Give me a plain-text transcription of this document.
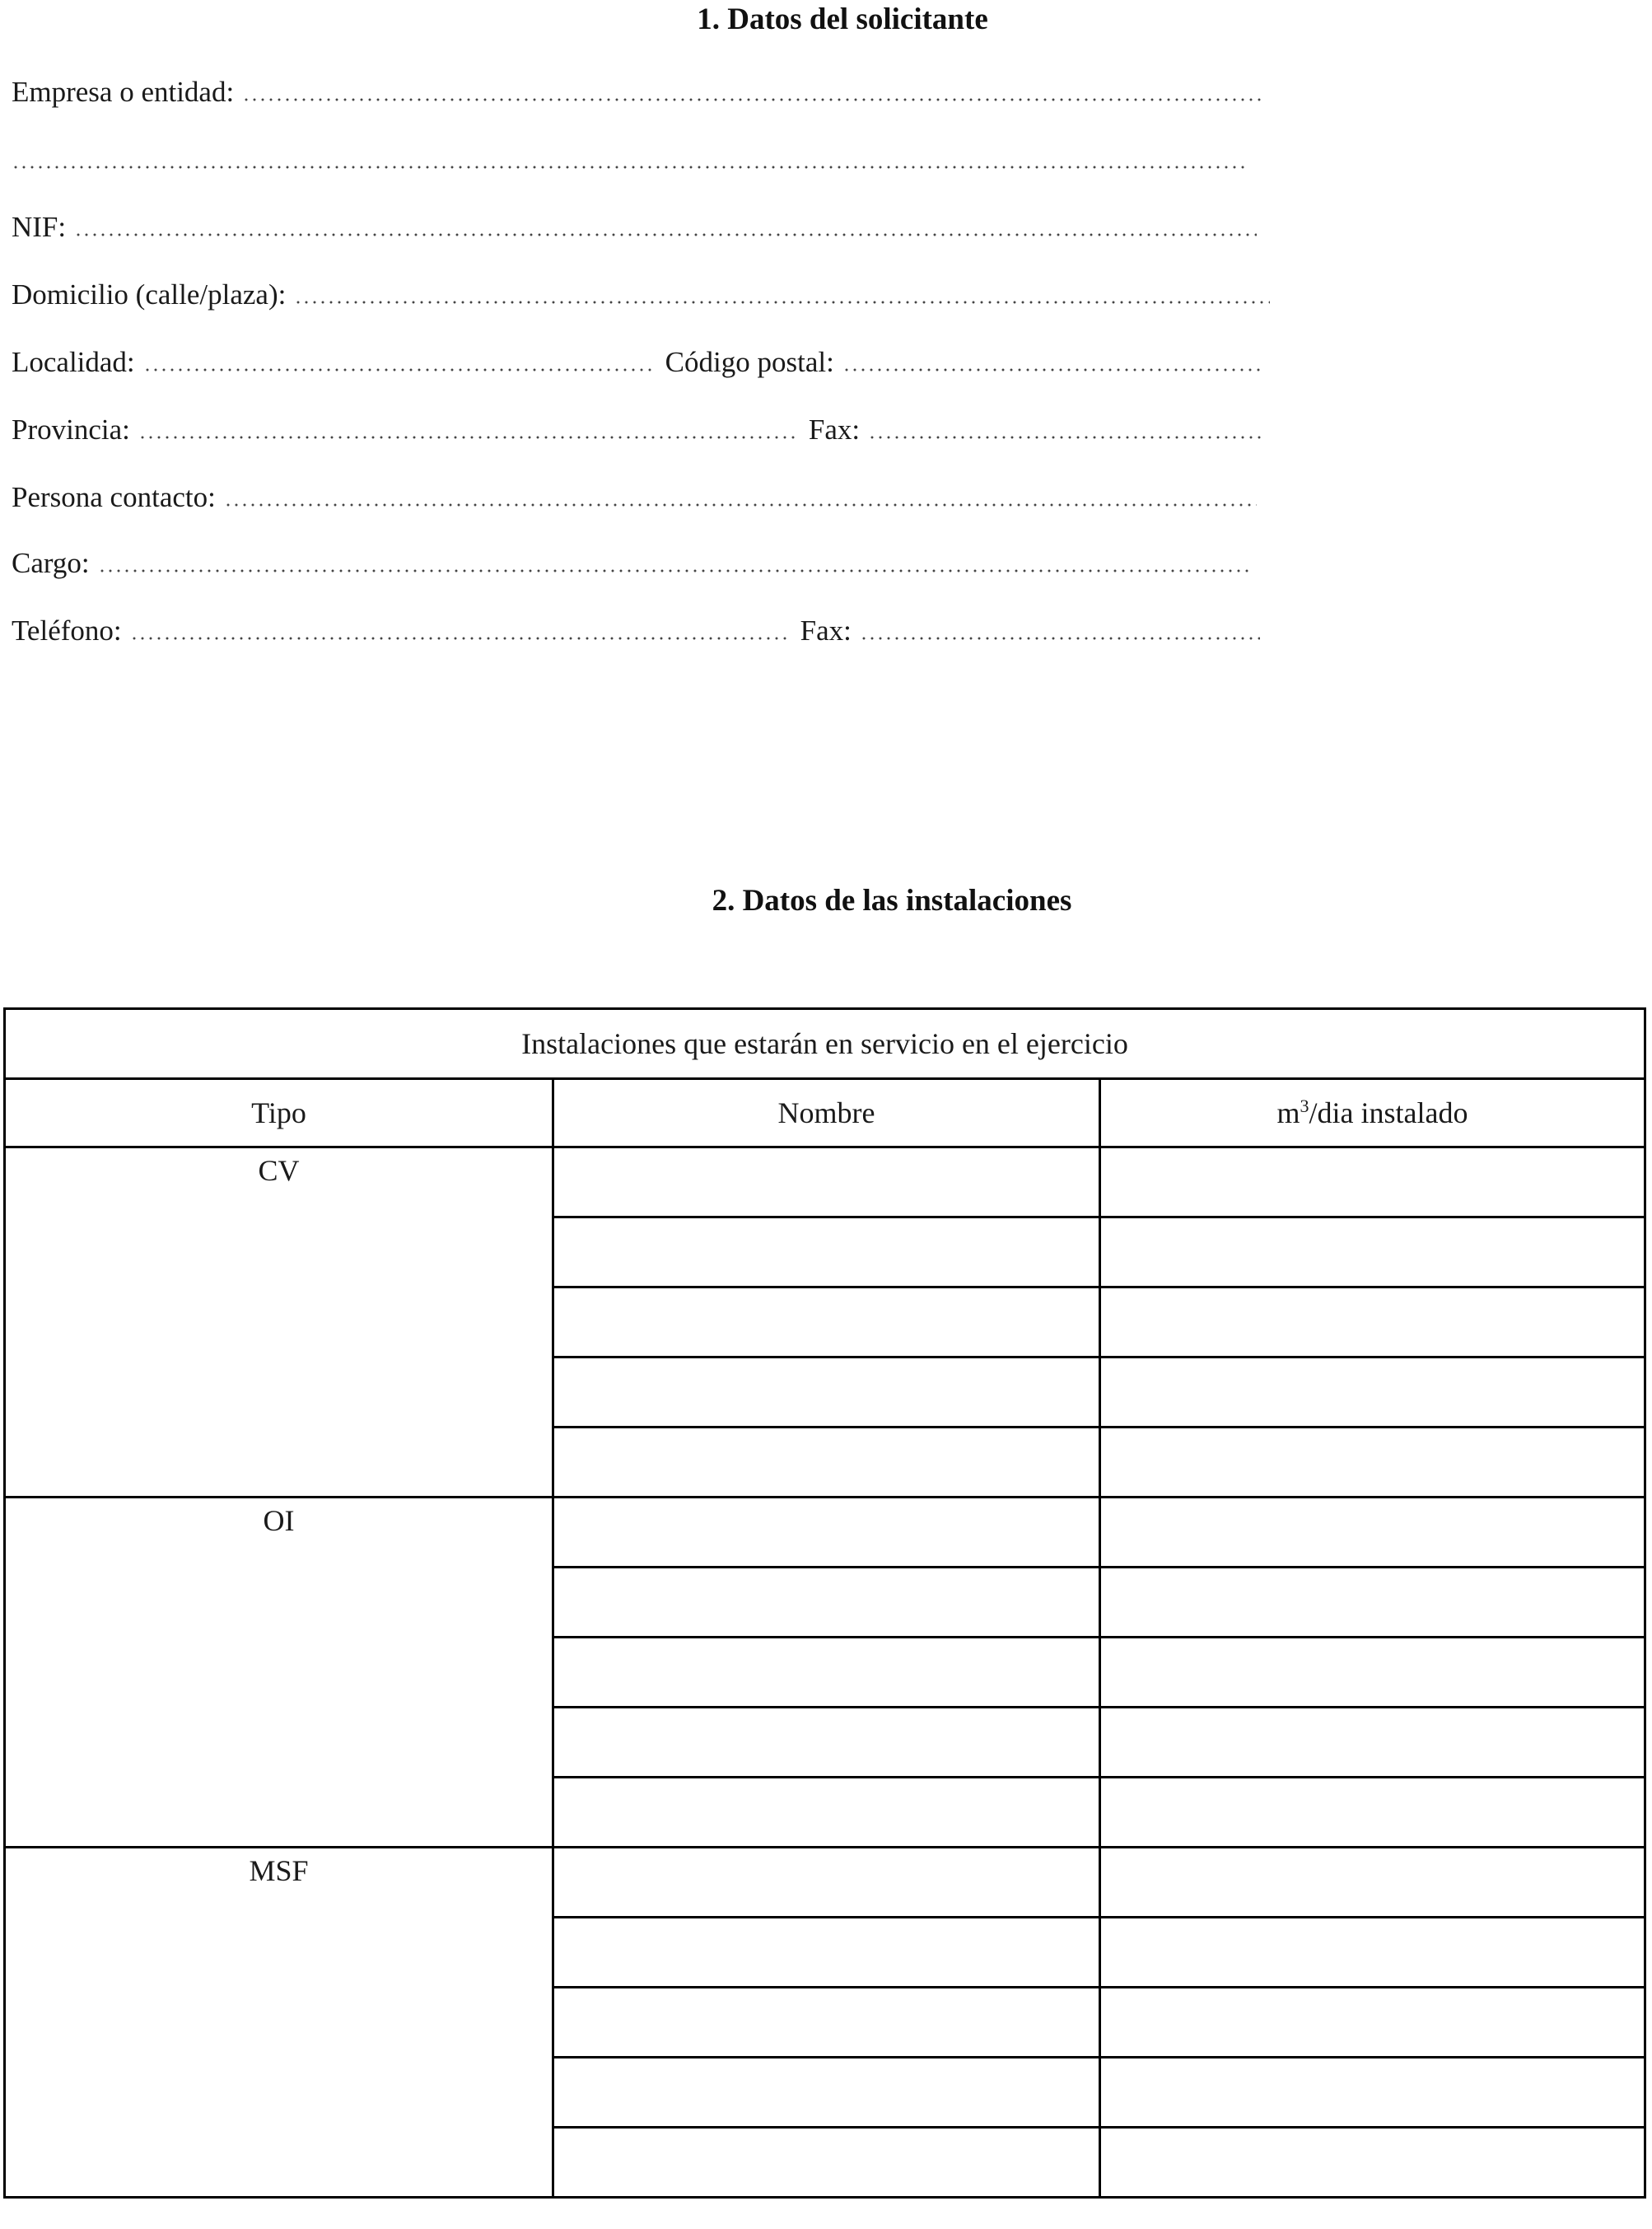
1. Datos del solicitante
Empresa o entidad:
NIF:
Domicilio (calle/plaza):
Localidad:	Código postal:
Provincia:	Fax:
Persona contacto:
Cargo:
Teléfono:	Fax:
2. Datos de las instalaciones
Instalaciones que estarán en servicio en el ejercicio		
Tipo	Nombre	$m^3$/dia instalado
CV		

OI		

MSF		
